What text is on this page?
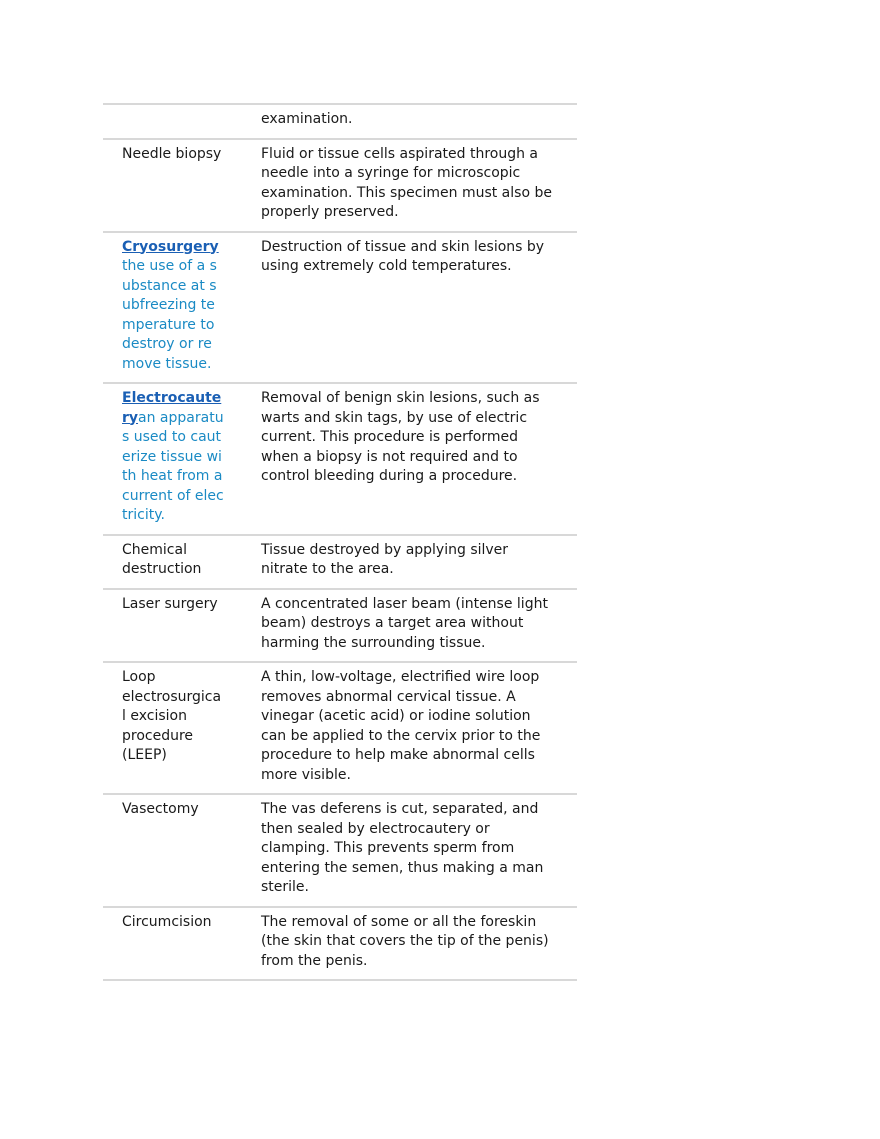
	examination.
Needle biopsy	Fluid or tissue cells aspirated through a needle into a syringe for microscopic examination. This specimen must also be properly preserved.
Cryosurgerythe use of a substance at subfreezing temperature to destroy or remove tissue.	Destruction of tissue and skin lesions by using extremely cold temperatures.
Electrocauteryan apparatus used to cauterize tissue with heat from a current of electricity.	Removal of benign skin lesions, such as warts and skin tags, by use of electric current. This procedure is performed when a biopsy is not required and to control bleeding during a procedure.
Chemical destruction	Tissue destroyed by applying silver nitrate to the area.
Laser surgery	A concentrated laser beam (intense light beam) destroys a target area without harming the surrounding tissue.
Loop electrosurgical excision procedure (LEEP)	A thin, low-voltage, electrified wire loop removes abnormal cervical tissue. A vinegar (acetic acid) or iodine solution can be applied to the cervix prior to the procedure to help make abnormal cells more visible.
Vasectomy	The vas deferens is cut, separated, and then sealed by electrocautery or clamping. This prevents sperm from entering the semen, thus making a man sterile.
Circumcision	The removal of some or all the foreskin (the skin that covers the tip of the penis) from the penis.
